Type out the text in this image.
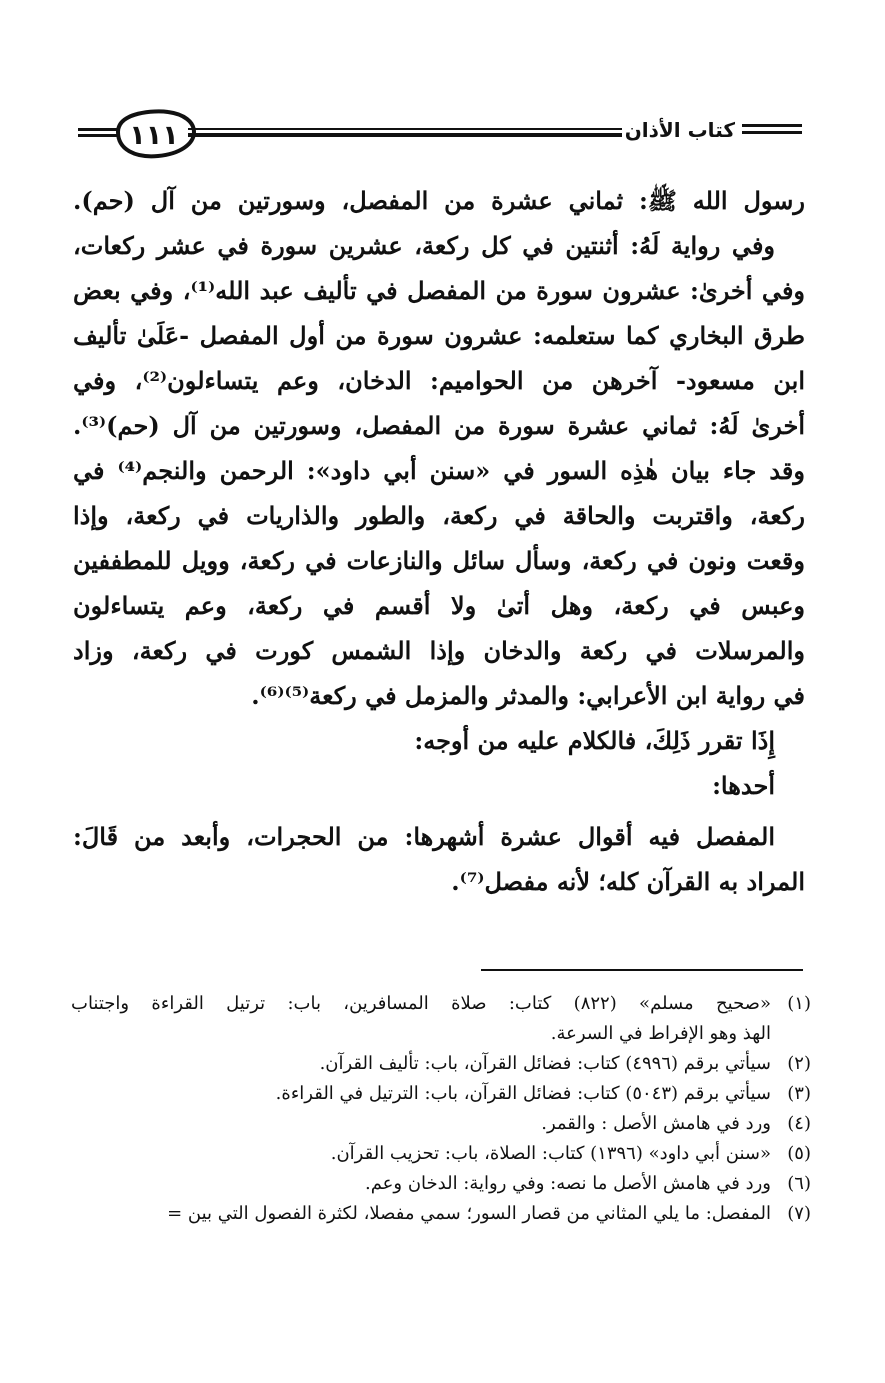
كتاب الأذان
١١١
رسول الله ﷺ: ثماني عشرة من المفصل، وسورتين من آل (حم).
وفي رواية لَهُ: أثنتين في كل ركعة، عشرين سورة في عشر ركعات،
وفي أخرىٰ: عشرون سورة من المفصل في تأليف عبد الله⁽¹⁾، وفي بعض
طرق البخاري كما ستعلمه: عشرون سورة من أول المفصل -عَلَىٰ تأليف
ابن مسعود- آخرهن من الحواميم: الدخان، وعم يتساءلون⁽²⁾، وفي
أخرىٰ لَهُ: ثماني عشرة سورة من المفصل، وسورتين من آل (حم)⁽³⁾.
وقد جاء بيان هٰذِه السور في «سنن أبي داود»: الرحمن والنجم⁽⁴⁾ في
ركعة، واقتربت والحاقة في ركعة، والطور والذاريات في ركعة، وإذا
وقعت ونون في ركعة، وسأل سائل والنازعات في ركعة، وويل للمطففين
وعبس في ركعة، وهل أتىٰ ولا أقسم في ركعة، وعم يتساءلون
والمرسلات في ركعة والدخان وإذا الشمس كورت في ركعة، وزاد
في رواية ابن الأعرابي: والمدثر والمزمل في ركعة⁽⁵⁾⁽⁶⁾.
إِذَا تقرر ذَلِكَ، فالكلام عليه من أوجه:
أحدها:
المفصل فيه أقوال عشرة أشهرها: من الحجرات، وأبعد من قَالَ:
المراد به القرآن كله؛ لأنه مفصل⁽⁷⁾.
(١)
«صحيح مسلم» (٨٢٢) كتاب: صلاة المسافرين، باب: ترتيل القراءة واجتناب
الهذ وهو الإفراط في السرعة.
(٢)
سيأتي برقم (٤٩٩٦) كتاب: فضائل القرآن، باب: تأليف القرآن.
(٣)
سيأتي برقم (٥٠٤٣) كتاب: فضائل القرآن، باب: الترتيل في القراءة.
(٤)
ورد في هامش الأصل : والقمر.
(٥)
«سنن أبي داود» (١٣٩٦) كتاب: الصلاة، باب: تحزيب القرآن.
(٦)
ورد في هامش الأصل ما نصه: وفي رواية: الدخان وعم.
(٧)
المفصل: ما يلي المثاني من قصار السور؛ سمي مفصلا، لكثرة الفصول التي بين =
